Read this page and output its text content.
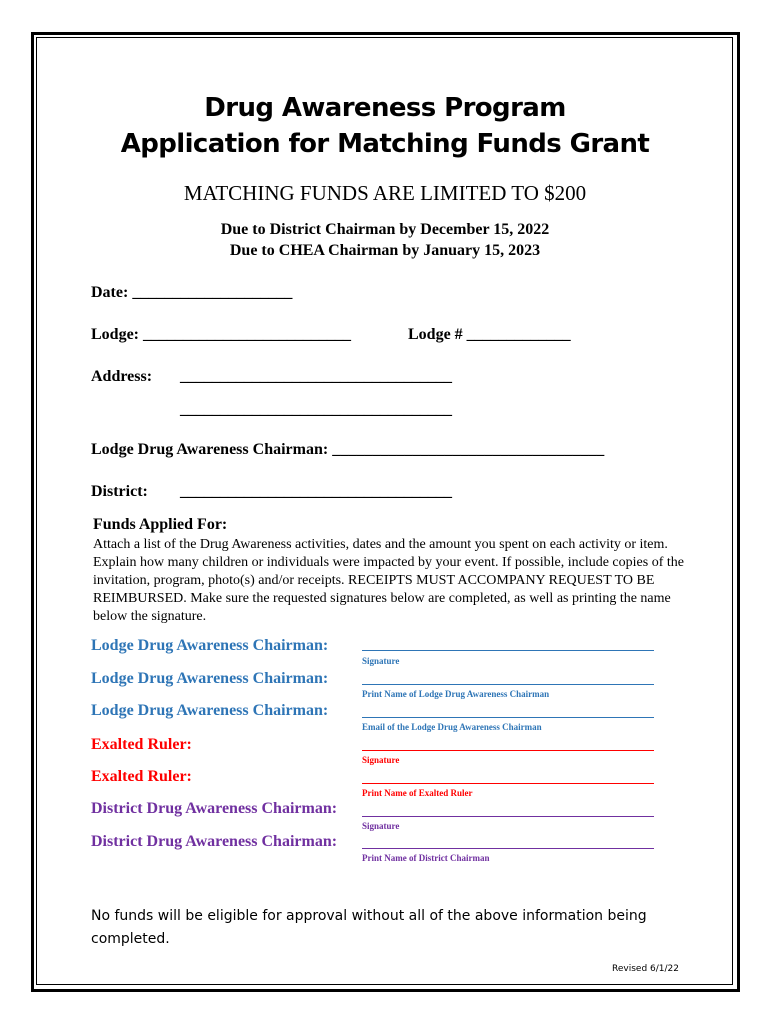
Drug Awareness Program
Application for Matching Funds Grant
MATCHING FUNDS ARE LIMITED TO $200
Due to District Chairman by December 15, 2022
Due to CHEA Chairman by January 15, 2023
Date: ____________________
Lodge: __________________________	Lodge # _____________
Address: __________________________________
__________________________________
Lodge Drug Awareness Chairman: __________________________________
District: __________________________________
Funds Applied For:
Attach a list of the Drug Awareness activities, dates and the amount you spent on each activity or item. Explain how many children or individuals were impacted by your event. If possible, include copies of the invitation, program, photo(s) and/or receipts. RECEIPTS MUST ACCOMPANY REQUEST TO BE REIMBURSED. Make sure the requested signatures below are completed, as well as printing the name below the signature.
Lodge Drug Awareness Chairman:
Signature
Lodge Drug Awareness Chairman:
Print Name of Lodge Drug Awareness Chairman
Lodge Drug Awareness Chairman:
Email of the Lodge Drug Awareness Chairman
Exalted Ruler:
Signature
Exalted Ruler:
Print Name of Exalted Ruler
District Drug Awareness Chairman:
Signature
District Drug Awareness Chairman:
Print Name of District Chairman
No funds will be eligible for approval without all of the above information being completed.
Revised 6/1/22
